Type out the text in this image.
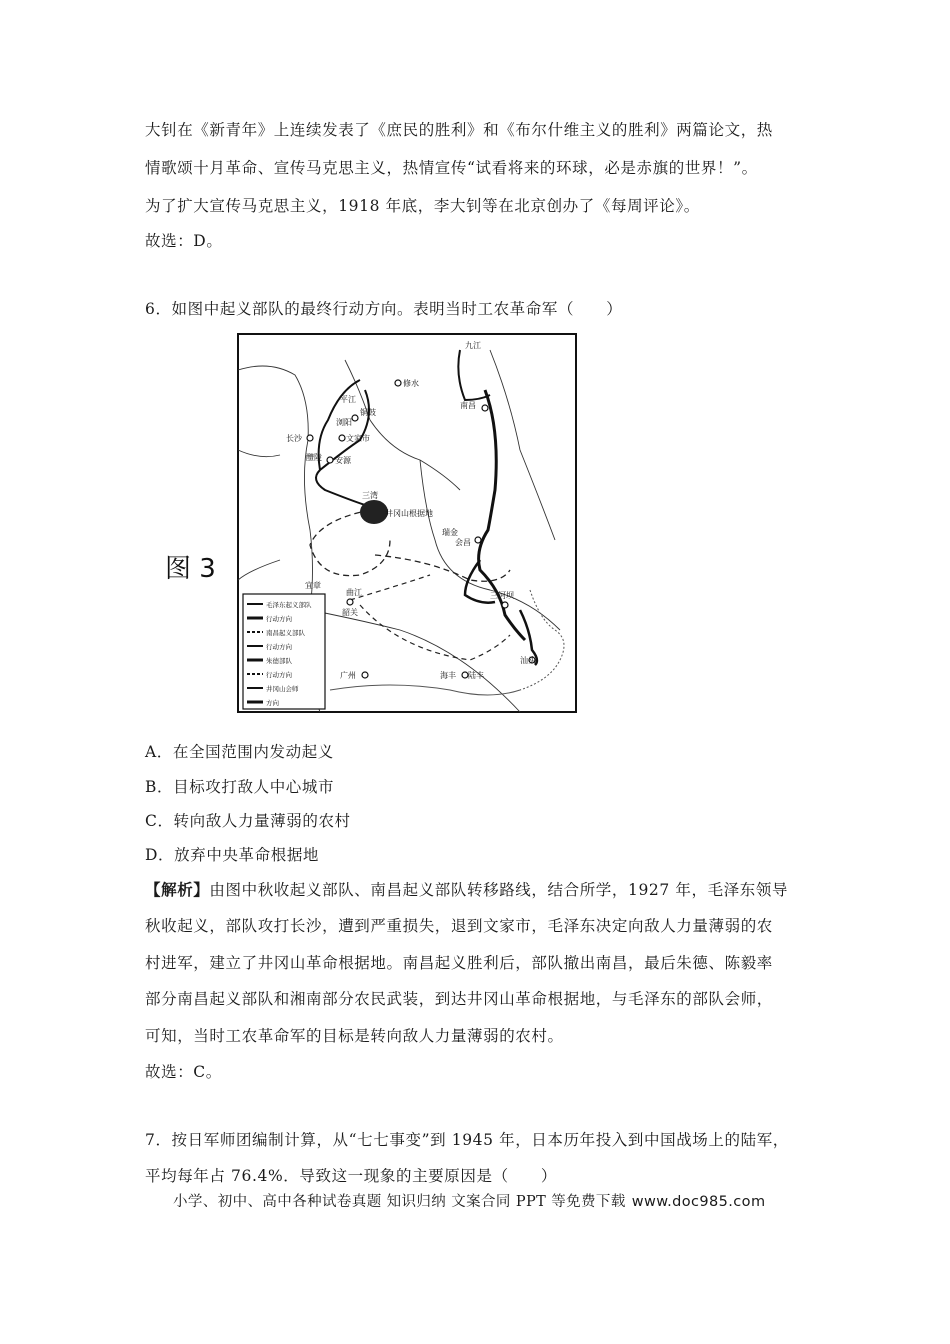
大钊在《新青年》上连续发表了《庶民的胜利》和《布尔什维主义的胜利》两篇论文，热
情歌颂十月革命、宣传马克思主义，热情宣传“试看将来的环球，必是赤旗的世界！”。
为了扩大宣传马克思主义，1918 年底，李大钊等在北京创办了《每周评论》。
故选：D。
6．如图中起义部队的最终行动方向。表明当时工农革命军（　　）
图 3
修水
平江
铜鼓
浏阳
文家市
长沙
醴陵 安源
三湾
井冈山根据地
南昌
九江
瑞金
会昌
三河坝
汕头
宜章
韶关
曲江
广州	海丰 陆丰
毛泽东起义部队
行动方向
南昌起义部队
行动方向
朱德部队
行动方向
井冈山会师
方向
A．在全国范围内发动起义
B．目标攻打敌人中心城市
C．转向敌人力量薄弱的农村
D．放弃中央革命根据地
【解析】由图中秋收起义部队、南昌起义部队转移路线，结合所学，1927 年，毛泽东领导
秋收起义，部队攻打长沙，遭到严重损失，退到文家市，毛泽东决定向敌人力量薄弱的农
村进军，建立了井冈山革命根据地。南昌起义胜利后，部队撤出南昌，最后朱德、陈毅率
部分南昌起义部队和湘南部分农民武装，到达井冈山革命根据地，与毛泽东的部队会师，
可知，当时工农革命军的目标是转向敌人力量薄弱的农村。
故选：C。
7．按日军师团编制计算，从“七七事变”到 1945 年，日本历年投入到中国战场上的陆军，
平均每年占 76.4%．导致这一现象的主要原因是（　　）
小学、初中、高中各种试卷真题 知识归纳 文案合同 PPT 等免费下载 www.doc985.com
